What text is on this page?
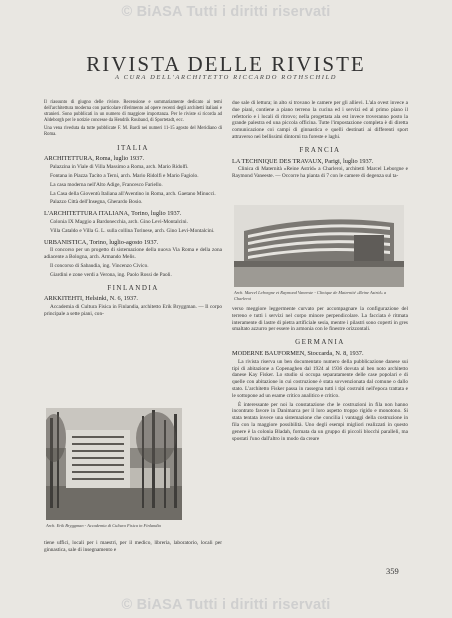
© BiASA Tutti i diritti riservati
RIVISTA DELLE RIVISTE
A CURA DELL'ARCHITETTO RICCARDO ROTHSCHILD

Il riassunto di giugno delle riviste. Recensione e sommariamente dedicato ai temi dell'architettura moderna con particolare riferimento ad opere recenti degli architetti italiani e stranieri. Sono pubblicati in un numero di maggiore importanza. Per le riviste si ricorda ad Aldeborgh per le notizie concesse da Hendrik Rouband, di Sportetadt, ecc.

Una vena riveduta da tutte pubblicate F. M. Bardi nei numeri 11-15 agosto del Meridiano di Roma.

ITALIA
ARCHITETTURA, Roma, luglio 1937.

Palazzina in Viale di Villa Massimo a Roma, arch. Mario Ridolfi.

Fontana in Piazza Tacito a Terni, arch. Mario Ridolfi e Mario Fagiolo.

La casa moderna nell'Alto Adige, Francesco Fariello.

La Casa della Gioventù Italiana all'Aventino in Roma, arch. Gaetano Minucci.

Palazzo Città dell'Insegna, Gherardo Bosio.

L'ARCHITETTURA ITALIANA, Torino, luglio 1937.

Colonia IX Maggio a Bardonecchia, arch. Gino Levi-Montalcini.

Villa Cataldo e Villa G. L. sulla collina Torinese, arch. Gino Levi-Montalcini.

URBANISTICA, Torino, luglio-agosto 1937.

Il concorso per un progetto di sistemazione della nuova Via Roma e della zona adiacente a Bologna, arch. Armando Melis.

Il concorso di Sabaudia, ing. Vincenzo Civico.

Giardini e zone verdi a Verona, ing. Paolo Rossi de Paoli.

FINLANDIA
ARKKITEHTI, Helsinki, N. 6, 1937.

Accademia di Cultura Fisica in Finlandia, architetto Erik Bryggman. — Il corpo principale a sette piani, con-

Arch. Erik Bryggman - Accademia di Cultura Fisica in Finlandia

tiene uffici, locali per i maestri, per il medico, libreria, laboratorio, locali per ginnastica, sale di insegnamento e

due sale di lettura; in alto si trovano le camere per gli allievi. L'ala ovest invece a due piani, contiene a piano terreno la cucina ed i servizi ed al primo piano il refettorio e i locali di ritrovo; nella progettata ala est invece troveranno posto la grande palestra ed una piccola officina. Tutte l'impostazione completa è di diretta comunicazione coi campi di ginnastica e quelli destinati ai differenti sport attraverso nei bellissimi dintorni tra foreste e laghi.

FRANCIA
LA TECHNIQUE DES TRAVAUX, Parigi, luglio 1937.

Clinica di Maternità «Reine Astrid» a Charleroi, architetti Marcel Leborgne e Raymond Vaneeste. — Occorre ha pianta di 7 con le camere di degenza sul ta-

Arch. Marcel Leborgne et Raymond Vaneeste - Clinique de Maternité «Reine Astrid» a Charleroi

verso meggiore leggermente curvato per accompagnare la configurazione del terreno e tutti i servizi nel corpo minore perpendicolare. La facciata è ritmata interamente di lastre di pietra artificiale sesia, mentre i pilastri sono coperti in gres smaltato azzurro per essere in armonia con le finestre orizzontali.

GERMANIA
MODERNE BAUFORMEN, Stoccarda, N. 8, 1937.

La rivista riserva un ben documentato numero della pubblicazione danese sui tipi di abitazione a Copenaghen dal 1924 al 1936 dovuta al ben noto architetto danese Kay Fisker. Lo studio si occupa separatamente delle case popolari e di quelle con abitazione in cui costruzione è stata sovvenzionata dal comune o dallo stato. L'architetto Fisker passa in rassegna tutti i tipi costruiti nell'epoca trattata e le sottopone ad un esame critico analitico e critico.

È interessante per noi la constatazione che le costruzioni in fila non hanno incontrato favore in Danimarca per il loro aspetto troppo rigido e monotono. Si stata tentata invece una sistemazione che concilia i vantaggi della costruzione in fila con la maggiore possibilità. Uno degli esempi migliori realizzati in questo genere è la colonia Bladah, formata da un gruppo di piccoli blocchi paralleli, ma spostati l'uno dall'altro in modo da creare

359
© BiASA Tutti i diritti riservati
